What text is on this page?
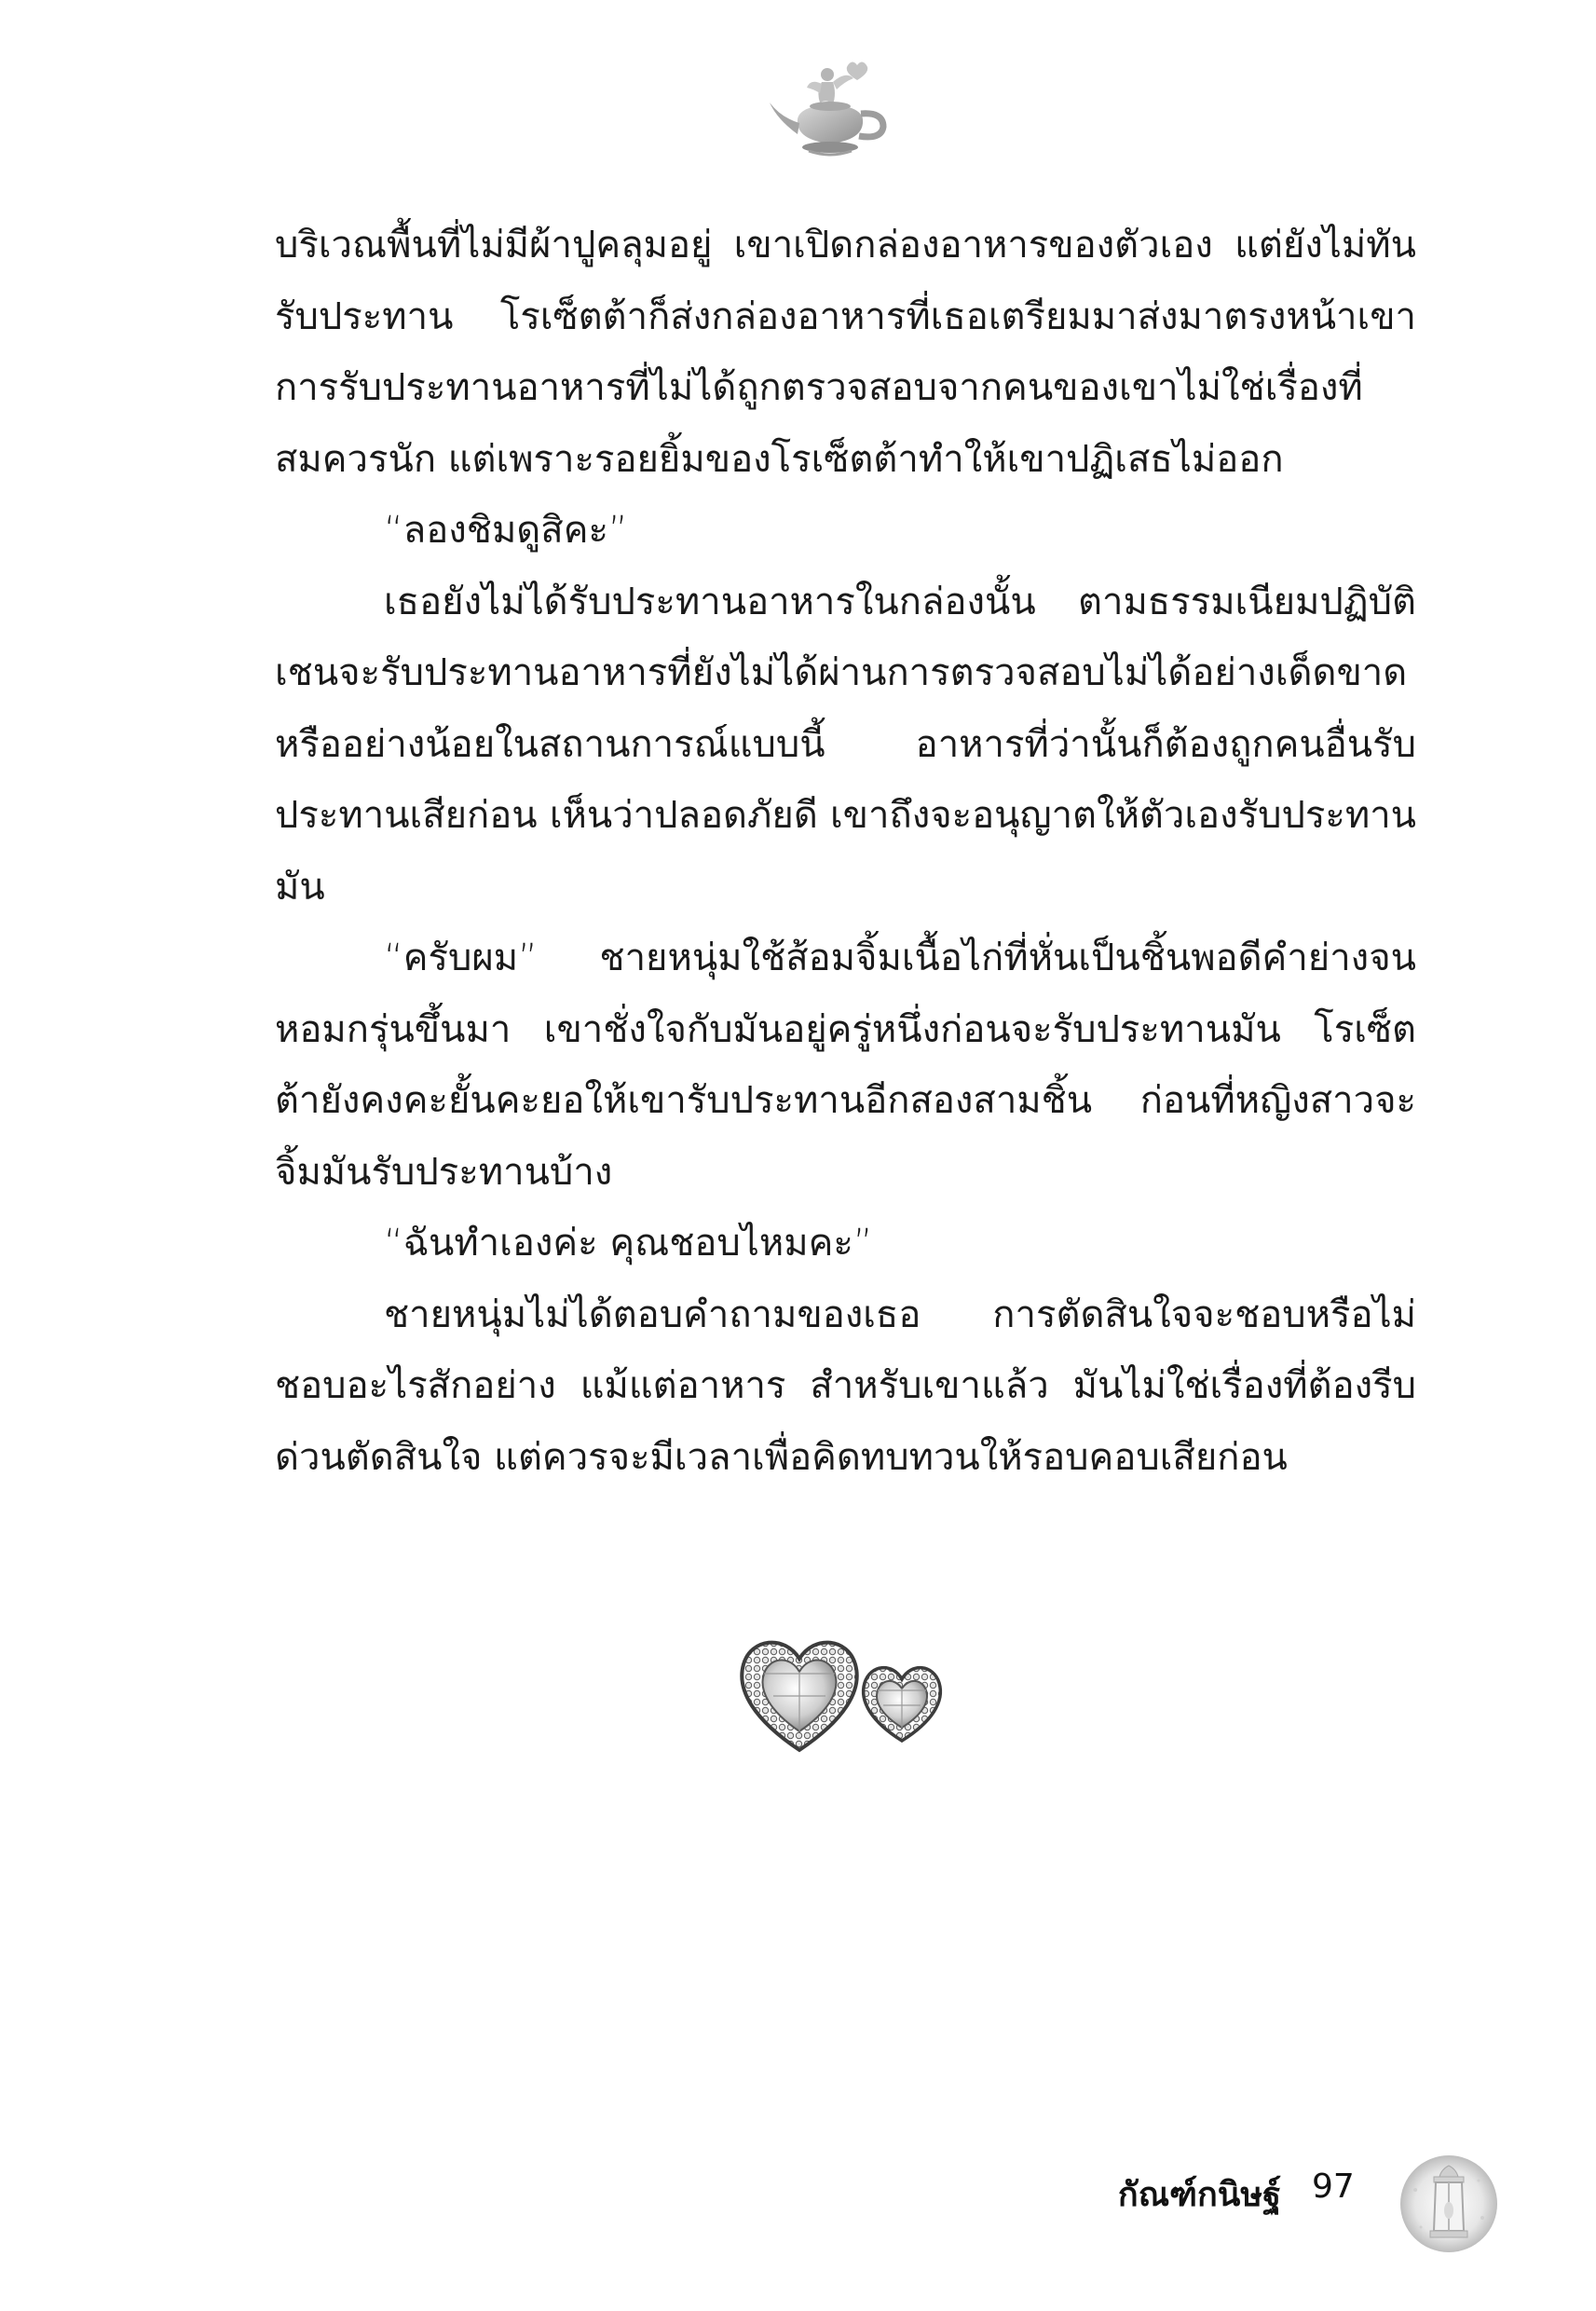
บริเวณพื้นที่ไม่มีผ้าปูคลุมอยู่ เขาเปิดกล่องอาหารของตัวเอง แต่ยังไม่ทันรับประทาน โรเซ็ตต้าก็ส่งกล่องอาหารที่เธอเตรียมมาส่งมาตรงหน้าเขา การรับประทานอาหารที่ไม่ได้ถูกตรวจสอบจากคนของเขาไม่ใช่เรื่องที่สมควรนัก แต่เพราะรอยยิ้มของโรเซ็ตต้าทำให้เขาปฏิเสธไม่ออก

“ลองชิมดูสิคะ”

เธอยังไม่ได้รับประทานอาหารในกล่องนั้น ตามธรรมเนียมปฏิบัติเชนจะรับประทานอาหารที่ยังไม่ได้ผ่านการตรวจสอบไม่ได้อย่างเด็ดขาด หรืออย่างน้อยในสถานการณ์แบบนี้ อาหารที่ว่านั้นก็ต้องถูกคนอื่นรับประทานเสียก่อน เห็นว่าปลอดภัยดี เขาถึงจะอนุญาตให้ตัวเองรับประทานมัน

“ครับผม” ชายหนุ่มใช้ส้อมจิ้มเนื้อไก่ที่หั่นเป็นชิ้นพอดีคำย่างจนหอมกรุ่นขึ้นมา เขาชั่งใจกับมันอยู่ครู่หนึ่งก่อนจะรับประทานมัน โรเซ็ตต้ายังคงคะยั้นคะยอให้เขารับประทานอีกสองสามชิ้น ก่อนที่หญิงสาวจะจิ้มมันรับประทานบ้าง

“ฉันทำเองค่ะ คุณชอบไหมคะ”

ชายหนุ่มไม่ได้ตอบคำถามของเธอ การตัดสินใจจะชอบหรือไม่ชอบอะไรสักอย่าง แม้แต่อาหาร สำหรับเขาแล้ว มันไม่ใช่เรื่องที่ต้องรีบด่วนตัดสินใจ แต่ควรจะมีเวลาเพื่อคิดทบทวนให้รอบคอบเสียก่อน

กัณฑ์กนิษฐ์ 97
